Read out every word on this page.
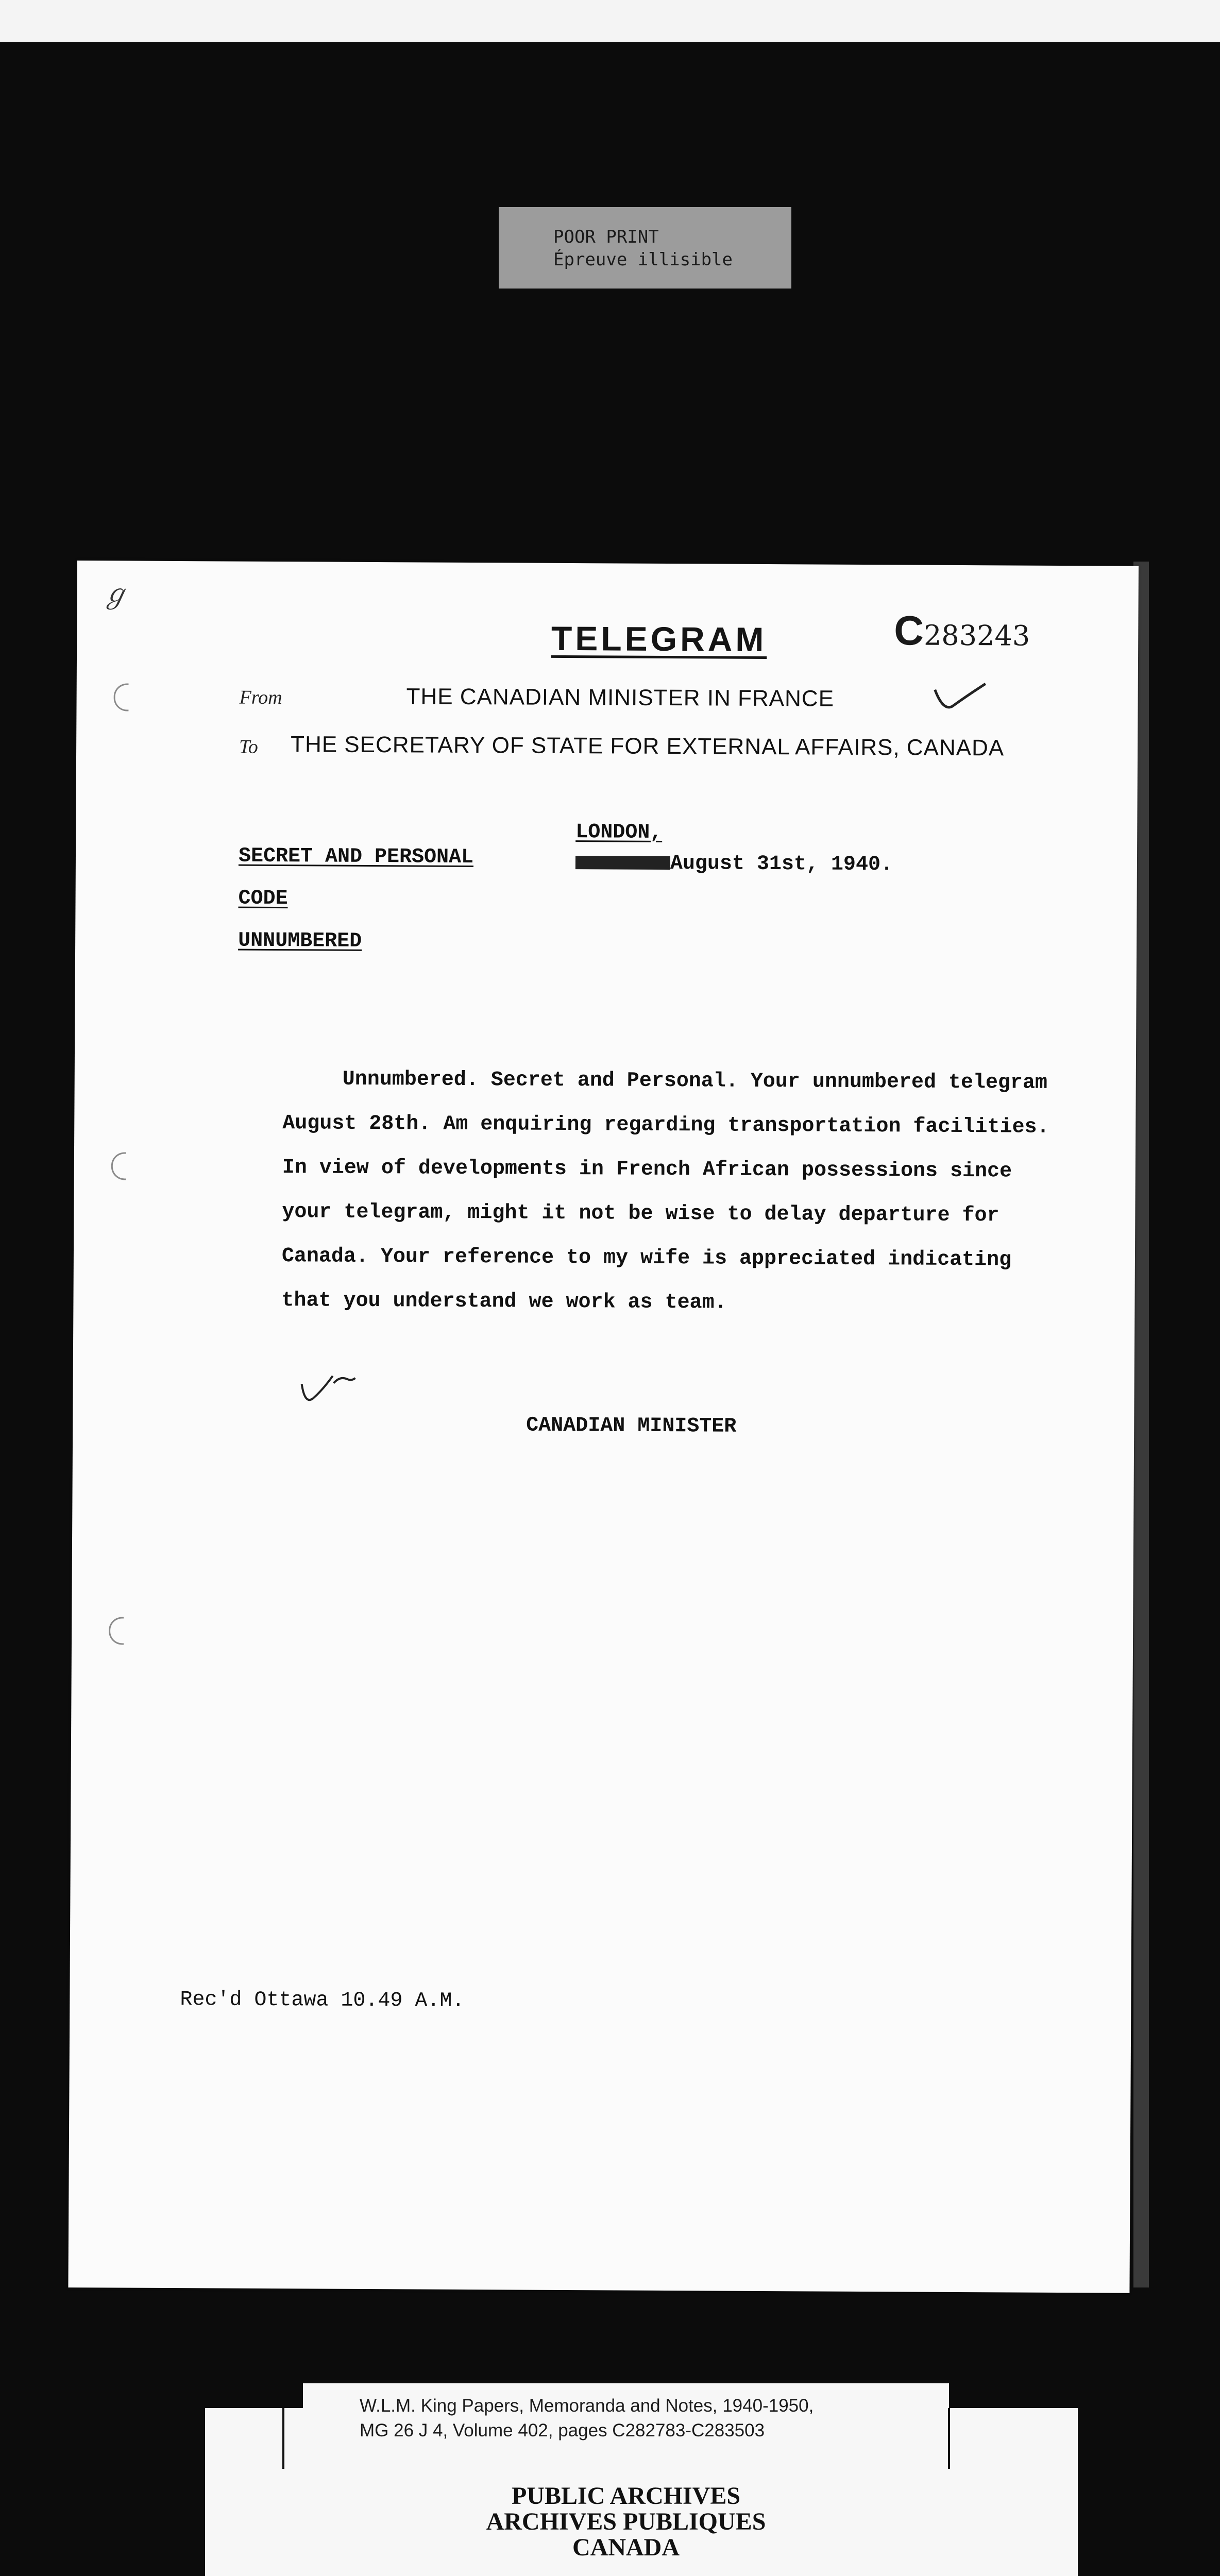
POOR PRINT
Épreuve illisible
ℊ
TELEGRAM	C283243
From	THE CANADIAN MINISTER IN FRANCE
To THE SECRETARY OF STATE FOR EXTERNAL AFFAIRS, CANADA
SECRET AND PERSONAL
CODE
UNNUMBERED
LONDON,
August 31st, 1940.
Unnumbered. Secret and Personal. Your unnumbered telegram
August 28th. Am enquiring regarding transportation facilities.
In view of developments in French African possessions since
your telegram, might it not be wise to delay departure for
Canada. Your reference to my wife is appreciated indicating
that you understand we work as team.
CANADIAN MINISTER
Rec'd Ottawa 10.49 A.M.
W.L.M. King Papers, Memoranda and Notes, 1940-1950,
MG 26 J 4, Volume 402, pages C282783-C283503
PUBLIC ARCHIVES
ARCHIVES PUBLIQUES
CANADA
